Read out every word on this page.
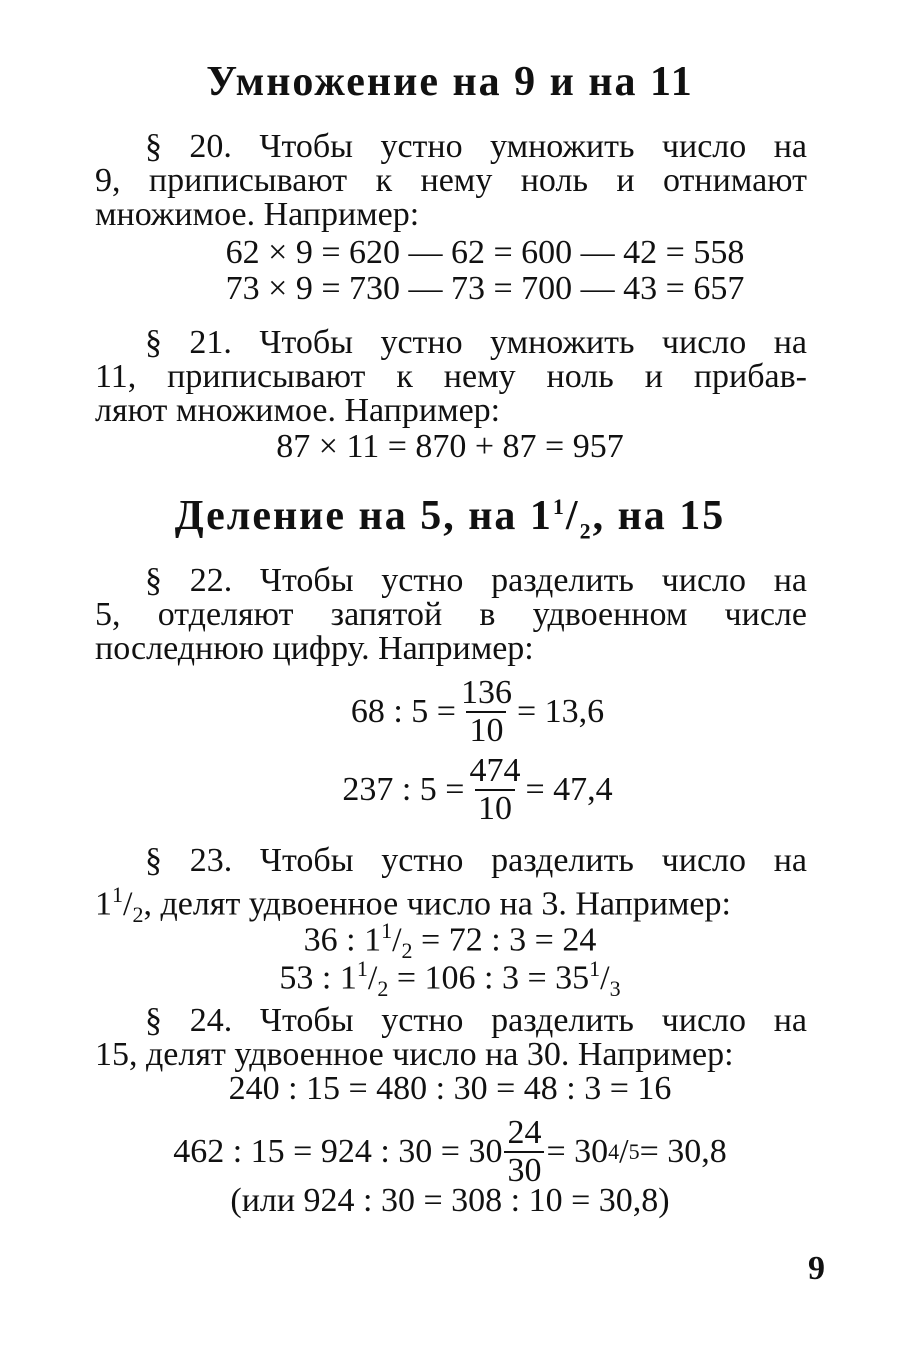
Умножение на 9 и на 11
§ 20. Чтобы устно умножить число на
9, приписывают к нему ноль и отнимают
множимое. Например:
62 × 9 = 620 — 62 = 600 — 42 = 558
73 × 9 = 730 — 73 = 700 — 43 = 657
§ 21. Чтобы устно умножить число на
11, приписывают к нему ноль и прибав-
ляют множимое. Например:
87 × 11 = 870 + 87 = 957
Деление на 5, на $1^1/_2$, на 15
§ 22. Чтобы устно разделить число на
5, отделяют запятой в удвоенном числе
последнюю цифру. Например:
68 : $5 = \frac{136}{10} = 13,6$
237 : $5 = \frac{474}{10} = 47,4$
§ 23. Чтобы устно разделить число на
$1^1/_2$, делят удвоенное число на 3. Например:
36 : $1^1/_2 = 72$ : 3 = 24
53 : $1^1/_2 = 106$ : $3 = 35^1/_3$
§ 24. Чтобы устно разделить число на
15, делят удвоенное число на 30. Например:
240 : 15 = 480 : 30 = 48 : 3 = 16
462 : 15 = 924 : $30 = 30 \frac{24}{30} = 30$ 4 / 5 = 30,8
(или 924 : 30 = 308 : 10 = 30,8)
9
